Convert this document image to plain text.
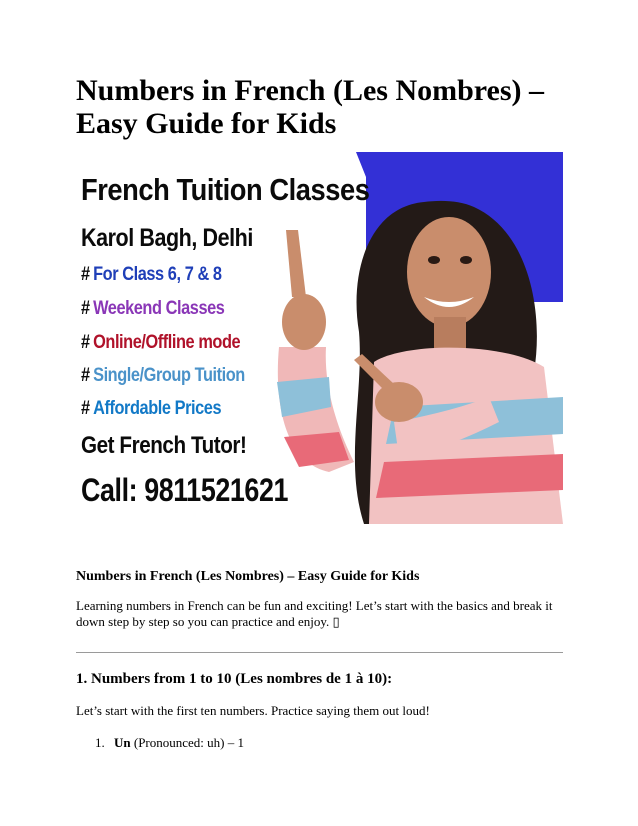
Numbers in French (Les Nombres) – Easy Guide for Kids

French Tuition Classes

Karol Bagh, Delhi

# For Class 6, 7 & 8

# Weekend Classes

# Online/Offline mode

# Single/Group Tuition

# Affordable Prices

Get French Tutor!

Call: 9811521621

Numbers in French (Les Nombres) – Easy Guide for Kids

Learning numbers in French can be fun and exciting! Let’s start with the basics and break it down step by step so you can practice and enjoy. ▯

1. Numbers from 1 to 10 (Les nombres de 1 à 10):

Let’s start with the first ten numbers. Practice saying them out loud!

1. Un (Pronounced: uh) – 1
